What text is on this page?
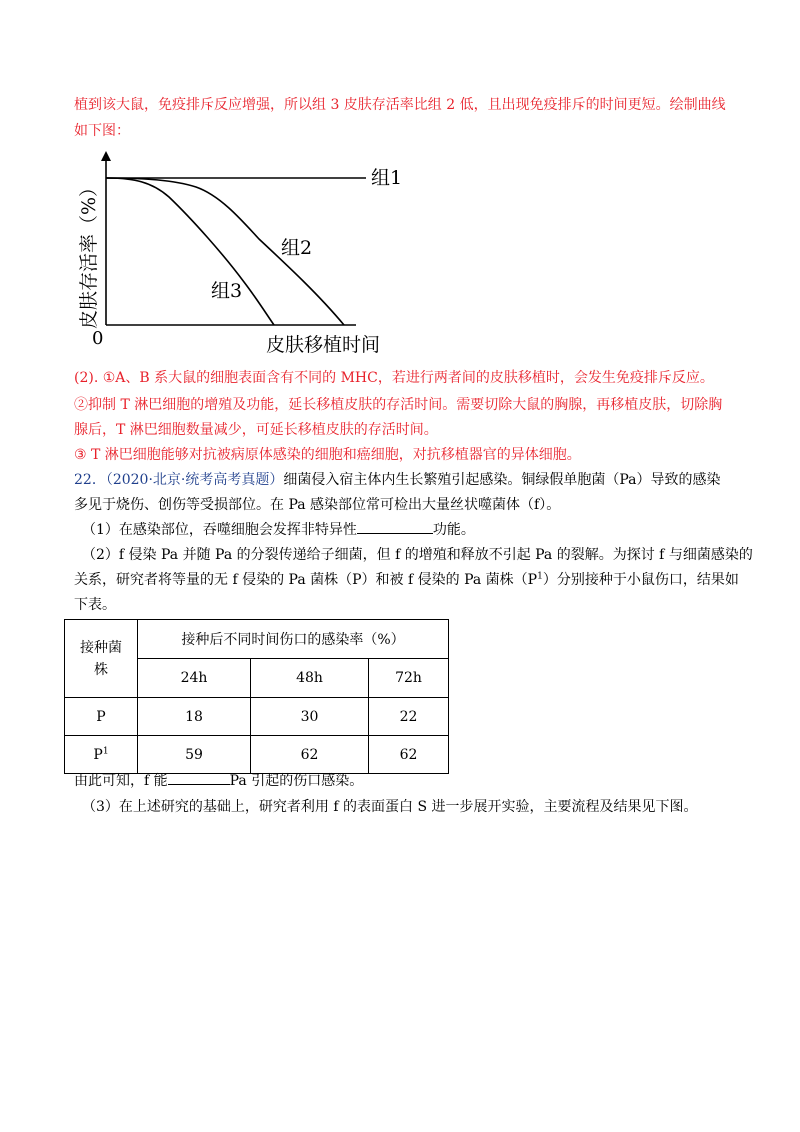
植到该大鼠，免疫排斥反应增强，所以组 3 皮肤存活率比组 2 低，且出现免疫排斥的时间更短。绘制曲线
如下图：
组1
组2
组3
0	皮肤移植时间
皮肤存活率（%）
(2). ①A、B 系大鼠的细胞表面含有不同的 MHC，若进行两者间的皮肤移植时，会发生免疫排斥反应。
②抑制 T 淋巴细胞的增殖及功能，延长移植皮肤的存活时间。需要切除大鼠的胸腺，再移植皮肤，切除胸
腺后，T 淋巴细胞数量减少，可延长移植皮肤的存活时间。
③ T 淋巴细胞能够对抗被病原体感染的细胞和癌细胞，对抗移植器官的异体细胞。
22．（2020·北京·统考高考真题）细菌侵入宿主体内生长繁殖引起感染。铜绿假单胞菌（Pa）导致的感染
多见于烧伤、创伤等受损部位。在 Pa 感染部位常可检出大量丝状噬菌体（f）。
（1）在感染部位，吞噬细胞会发挥非特异性	功能。
（2）f 侵染 Pa 并随 Pa 的分裂传递给子细菌，但 f 的增殖和释放不引起 Pa 的裂解。为探讨 f 与细菌感染的
关系，研究者将等量的无 f 侵染的 Pa 菌株（P）和被 f 侵染的 Pa 菌株$(P^1)$分别接种于小鼠伤口，结果如
下表。
接种菌
株	接种后不同时间伤口的感染率（%）		
	24h	48h	72h
P	18	30	22
$P^1$	59	62	62
由此可知，f 能	Pa 引起的伤口感染。
（3）在上述研究的基础上，研究者利用 f 的表面蛋白 S 进一步展开实验，主要流程及结果见下图。
